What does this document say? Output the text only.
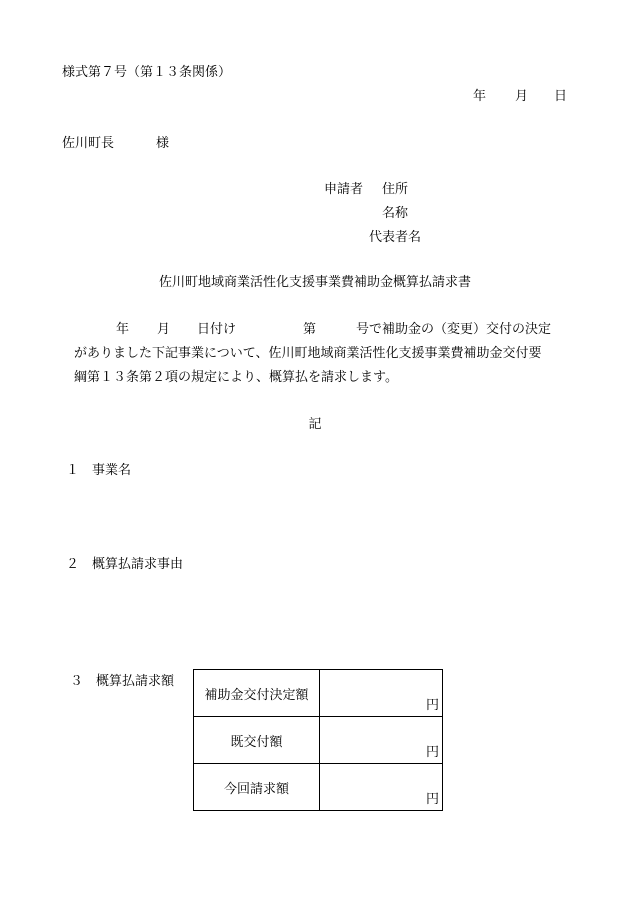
様式第７号（第１３条関係）
年 月 日
佐川町長	様
申請者 住所
名称
代表者名
佐川町地域商業活性化支援事業費補助金概算払請求書
年 月 日付け	第	号で補助金の（変更）交付の決定
がありました下記事業について、佐川町地域商業活性化支援事業費補助金交付要
綱第１３条第２項の規定により、概算払を請求します。
記
１　事業名
２　概算払請求事由
３　概算払請求額
補助金交付決定額	円
既交付額	円
今回請求額	円
